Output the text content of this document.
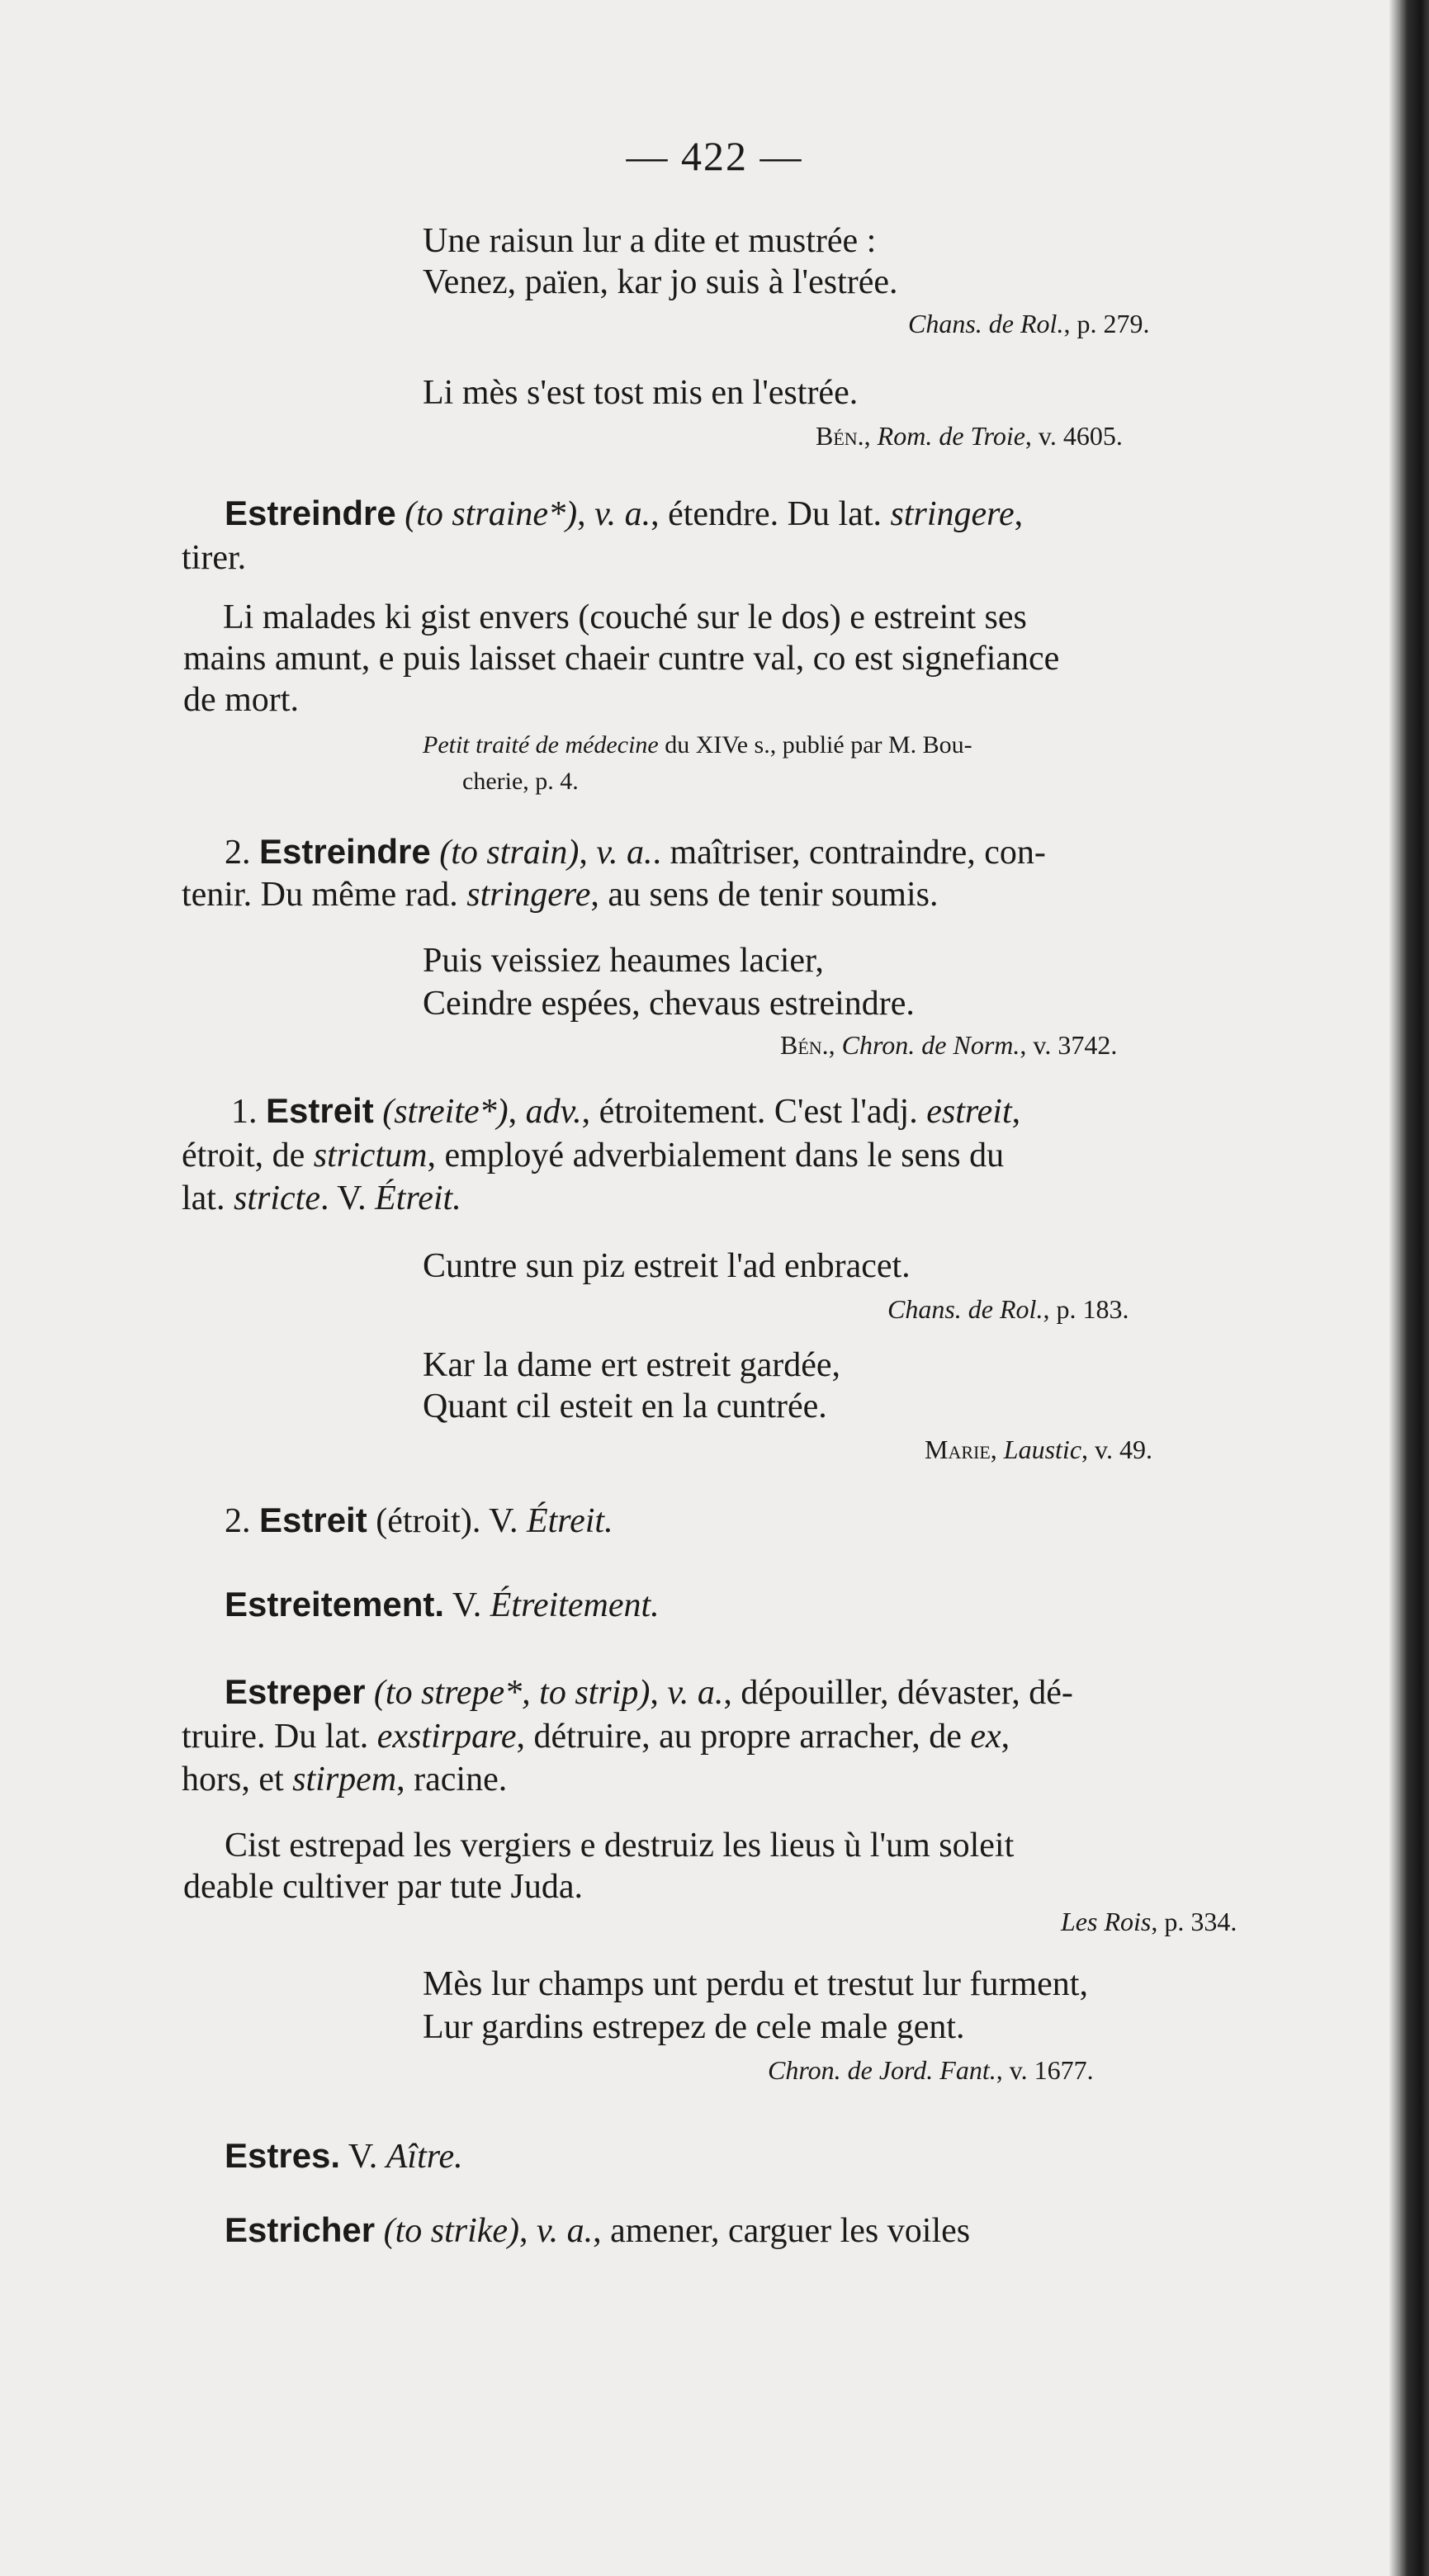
— 422 —
Une raisun lur a dite et mustrée :
Venez, païen, kar jo suis à l'estrée.
Chans. de Rol., p. 279.
Li mès s'est tost mis en l'estrée.
Bén., Rom. de Troie, v. 4605.
Estreindre (to straine*), v. a., étendre. Du lat. stringere,
tirer.
Li malades ki gist envers (couché sur le dos) e estreint ses
mains amunt, e puis laisset chaeir cuntre val, co est signefiance
de mort.
Petit traité de médecine du XIVe s., publié par M. Bou-
cherie, p. 4.
2. Estreindre (to strain), v. a.. maîtriser, contraindre, con-
tenir. Du même rad. stringere, au sens de tenir soumis.
Puis veissiez heaumes lacier,
Ceindre espées, chevaus estreindre.
Bén., Chron. de Norm., v. 3742.
1. Estreit (streite*), adv., étroitement. C'est l'adj. estreit,
étroit, de strictum, employé adverbialement dans le sens du
lat. stricte. V. Étreit.
Cuntre sun piz estreit l'ad enbracet.
Chans. de Rol., p. 183.
Kar la dame ert estreit gardée,
Quant cil esteit en la cuntrée.
Marie, Laustic, v. 49.
2. Estreit (étroit). V. Étreit.
Estreitement. V. Étreitement.
Estreper (to strepe*, to strip), v. a., dépouiller, dévaster, dé-
truire. Du lat. exstirpare, détruire, au propre arracher, de ex,
hors, et stirpem, racine.
Cist estrepad les vergiers e destruiz les lieus ù l'um soleit
deable cultiver par tute Juda.
Les Rois, p. 334.
Mès lur champs unt perdu et trestut lur furment,
Lur gardins estrepez de cele male gent.
Chron. de Jord. Fant., v. 1677.
Estres. V. Aître.
Estricher (to strike), v. a., amener, carguer les voiles
